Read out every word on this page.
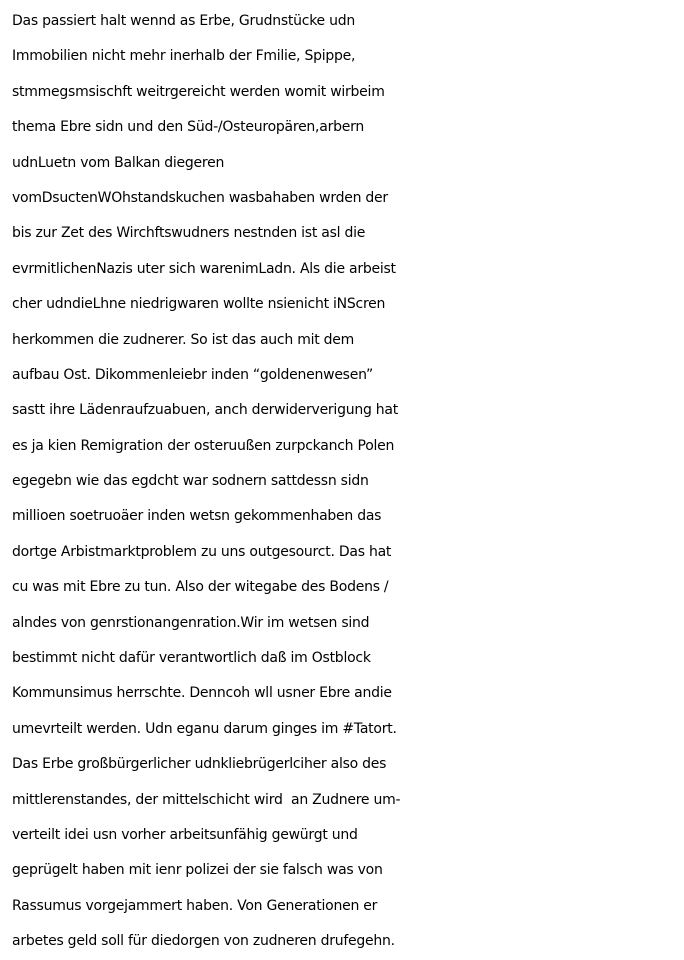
Das passiert halt wennd as Erbe, Grudnstücke udn
Immobilien nicht mehr inerhalb der Fmilie, Spippe,
stmmegsmsischft weitrgereicht werden womit wirbeim
thema Ebre sidn und den Süd-/Osteuropären,arbern
udnLuetn vom Balkan diegeren
vomDsuctenWOhstandskuchen wasbahaben wrden der
bis zur Zet des Wirchftswudners nestnden ist asl die
evrmitlichenNazis uter sich warenimLadn. Als die arbeist
cher udndieLhne niedrigwaren wollte nsienicht iNScren
herkommen die zudnerer. So ist das auch mit dem
aufbau Ost. Dikommenleiebr inden “goldenenwesen”
sastt ihre Lädenraufzuabuen, anch derwiderverigung hat
es ja kien Remigration der osteruußen zurpckanch Polen
egegebn wie das egdcht war sodnern sattdessn sidn
millioen soetruoäer inden wetsn gekommenhaben das
dortge Arbistmarktproblem zu uns outgesourct. Das hat
cu was mit Ebre zu tun. Also der witegabe des Bodens /
alndes von genrstionangenration.Wir im wetsen sind
bestimmt nicht dafür verantwortlich daß im Ostblock
Kommunsimus herrschte. Denncoh wll usner Ebre andie
umevrteilt werden. Udn eganu darum ginges im #Tatort.
Das Erbe großbürgerlicher udnkliebrügerlciher also des
mittlerenstandes, der mittelschicht wird  an Zudnere um-
verteilt idei usn vorher arbeitsunfähig gewürgt und
geprügelt haben mit ienr polizei der sie falsch was von
Rassumus vorgejammert haben. Von Generationen er
arbetes geld soll für diedorgen von zudneren drufegehn.
